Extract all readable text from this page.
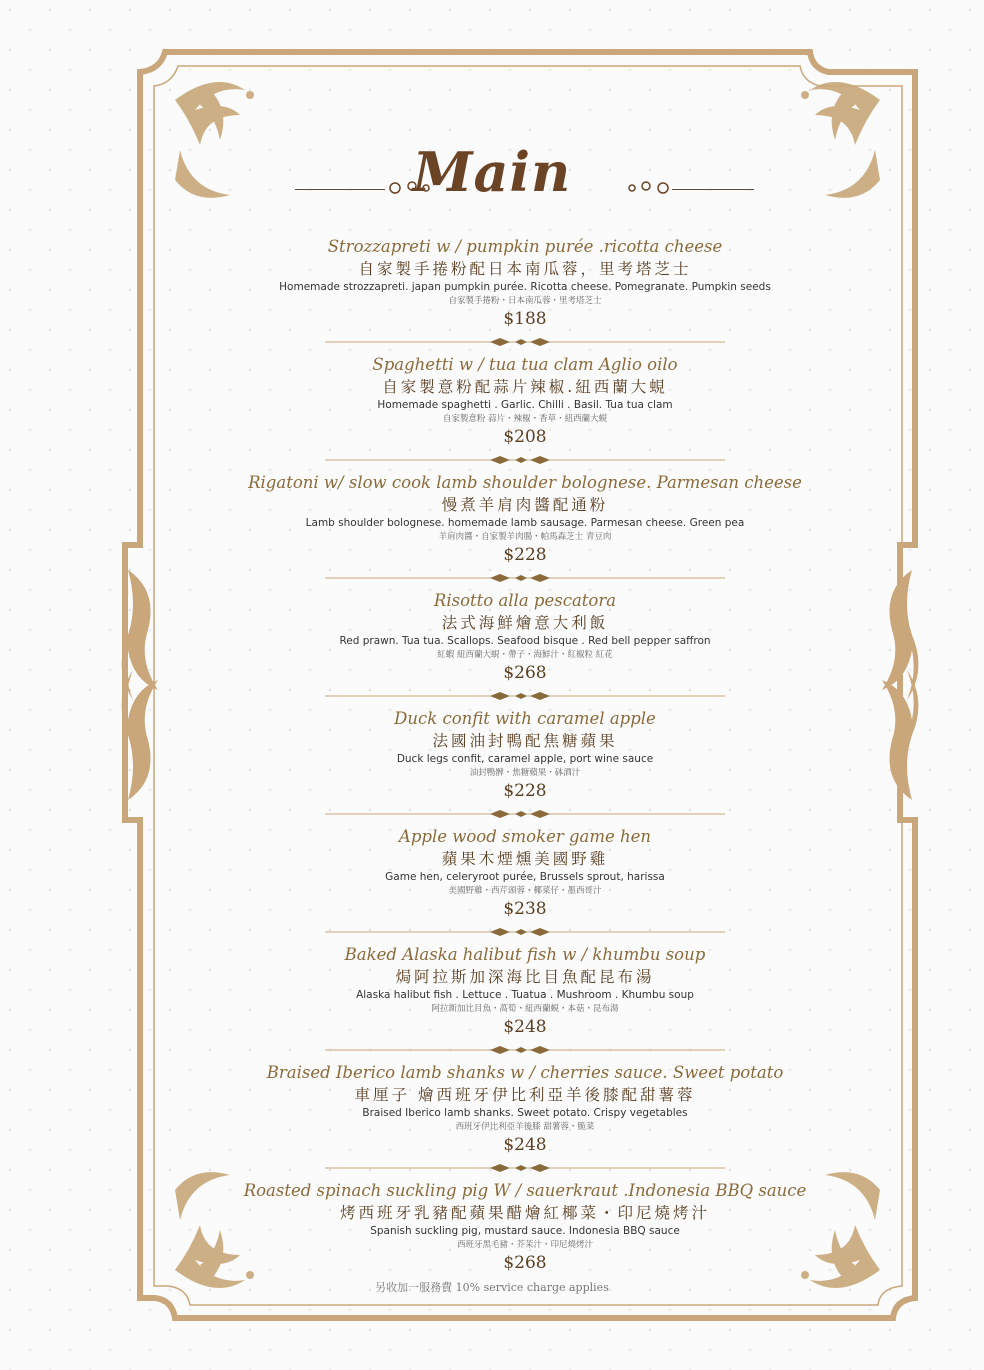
Main
Strozzapreti w / pumpkin purée .ricotta cheese
自家製手捲粉配日本南瓜蓉，里考塔芝士
Homemade strozzapreti. japan pumpkin purée. Ricotta cheese. Pomegranate. Pumpkin seeds
自家製手捲粉・日本南瓜蓉・里考塔芝士
$188
Spaghetti w / tua tua clam Aglio oilo
自家製意粉配蒜片辣椒.紐西蘭大蜆
Homemade spaghetti . Garlic. Chilli . Basil. Tua tua clam
自家製意粉 蒜片・辣椒・香草・紐西蘭大蜆
$208
Rigatoni w/ slow cook lamb shoulder bolognese. Parmesan cheese
慢煮羊肩肉醬配通粉
Lamb shoulder bolognese. homemade lamb sausage. Parmesan cheese. Green pea
羊肩肉醬・自家製羊肉腸・帕馬森芝士 青豆肉
$228
Risotto alla pescatora
法式海鮮燴意大利飯
Red prawn. Tua tua. Scallops. Seafood bisque . Red bell pepper saffron
紅蝦 紐西蘭大蜆・帶子・海鮮汁・紅椒粒 紅花
$268
Duck confit with caramel apple
法國油封鴨配焦糖蘋果
Duck legs confit, caramel apple, port wine sauce
油封鴨髀・焦糖蘋果・砵酒汁
$228
Apple wood smoker game hen
蘋果木煙燻美國野雞
Game hen, celeryroot purée, Brussels sprout, harissa
美國野雞・西芹頭蓉・椰菜仔・墨西哥汁
$238
Baked Alaska halibut fish w / khumbu soup
焗阿拉斯加深海比目魚配昆布湯
Alaska halibut fish . Lettuce . Tuatua . Mushroom . Khumbu soup
阿拉斯加比目魚・萵筍・紐西蘭蜆・本菇・昆布湯
$248
Braised Iberico lamb shanks w / cherries sauce. Sweet potato
車厘子 燴西班牙伊比利亞羊後膝配甜薯蓉
Braised Iberico lamb shanks. Sweet potato. Crispy vegetables
西班牙伊比利亞羊後膝 甜薯蓉・脆菜
$248
Roasted spinach suckling pig W / sauerkraut .Indonesia BBQ sauce
烤西班牙乳豬配蘋果醋燴紅椰菜・印尼燒烤汁
Spanish suckling pig, mustard sauce. Indonesia BBQ sauce
西班牙黑毛豬・芥茉汁・印尼燒烤汁
$268
另收加一服務費 10% service charge applies
